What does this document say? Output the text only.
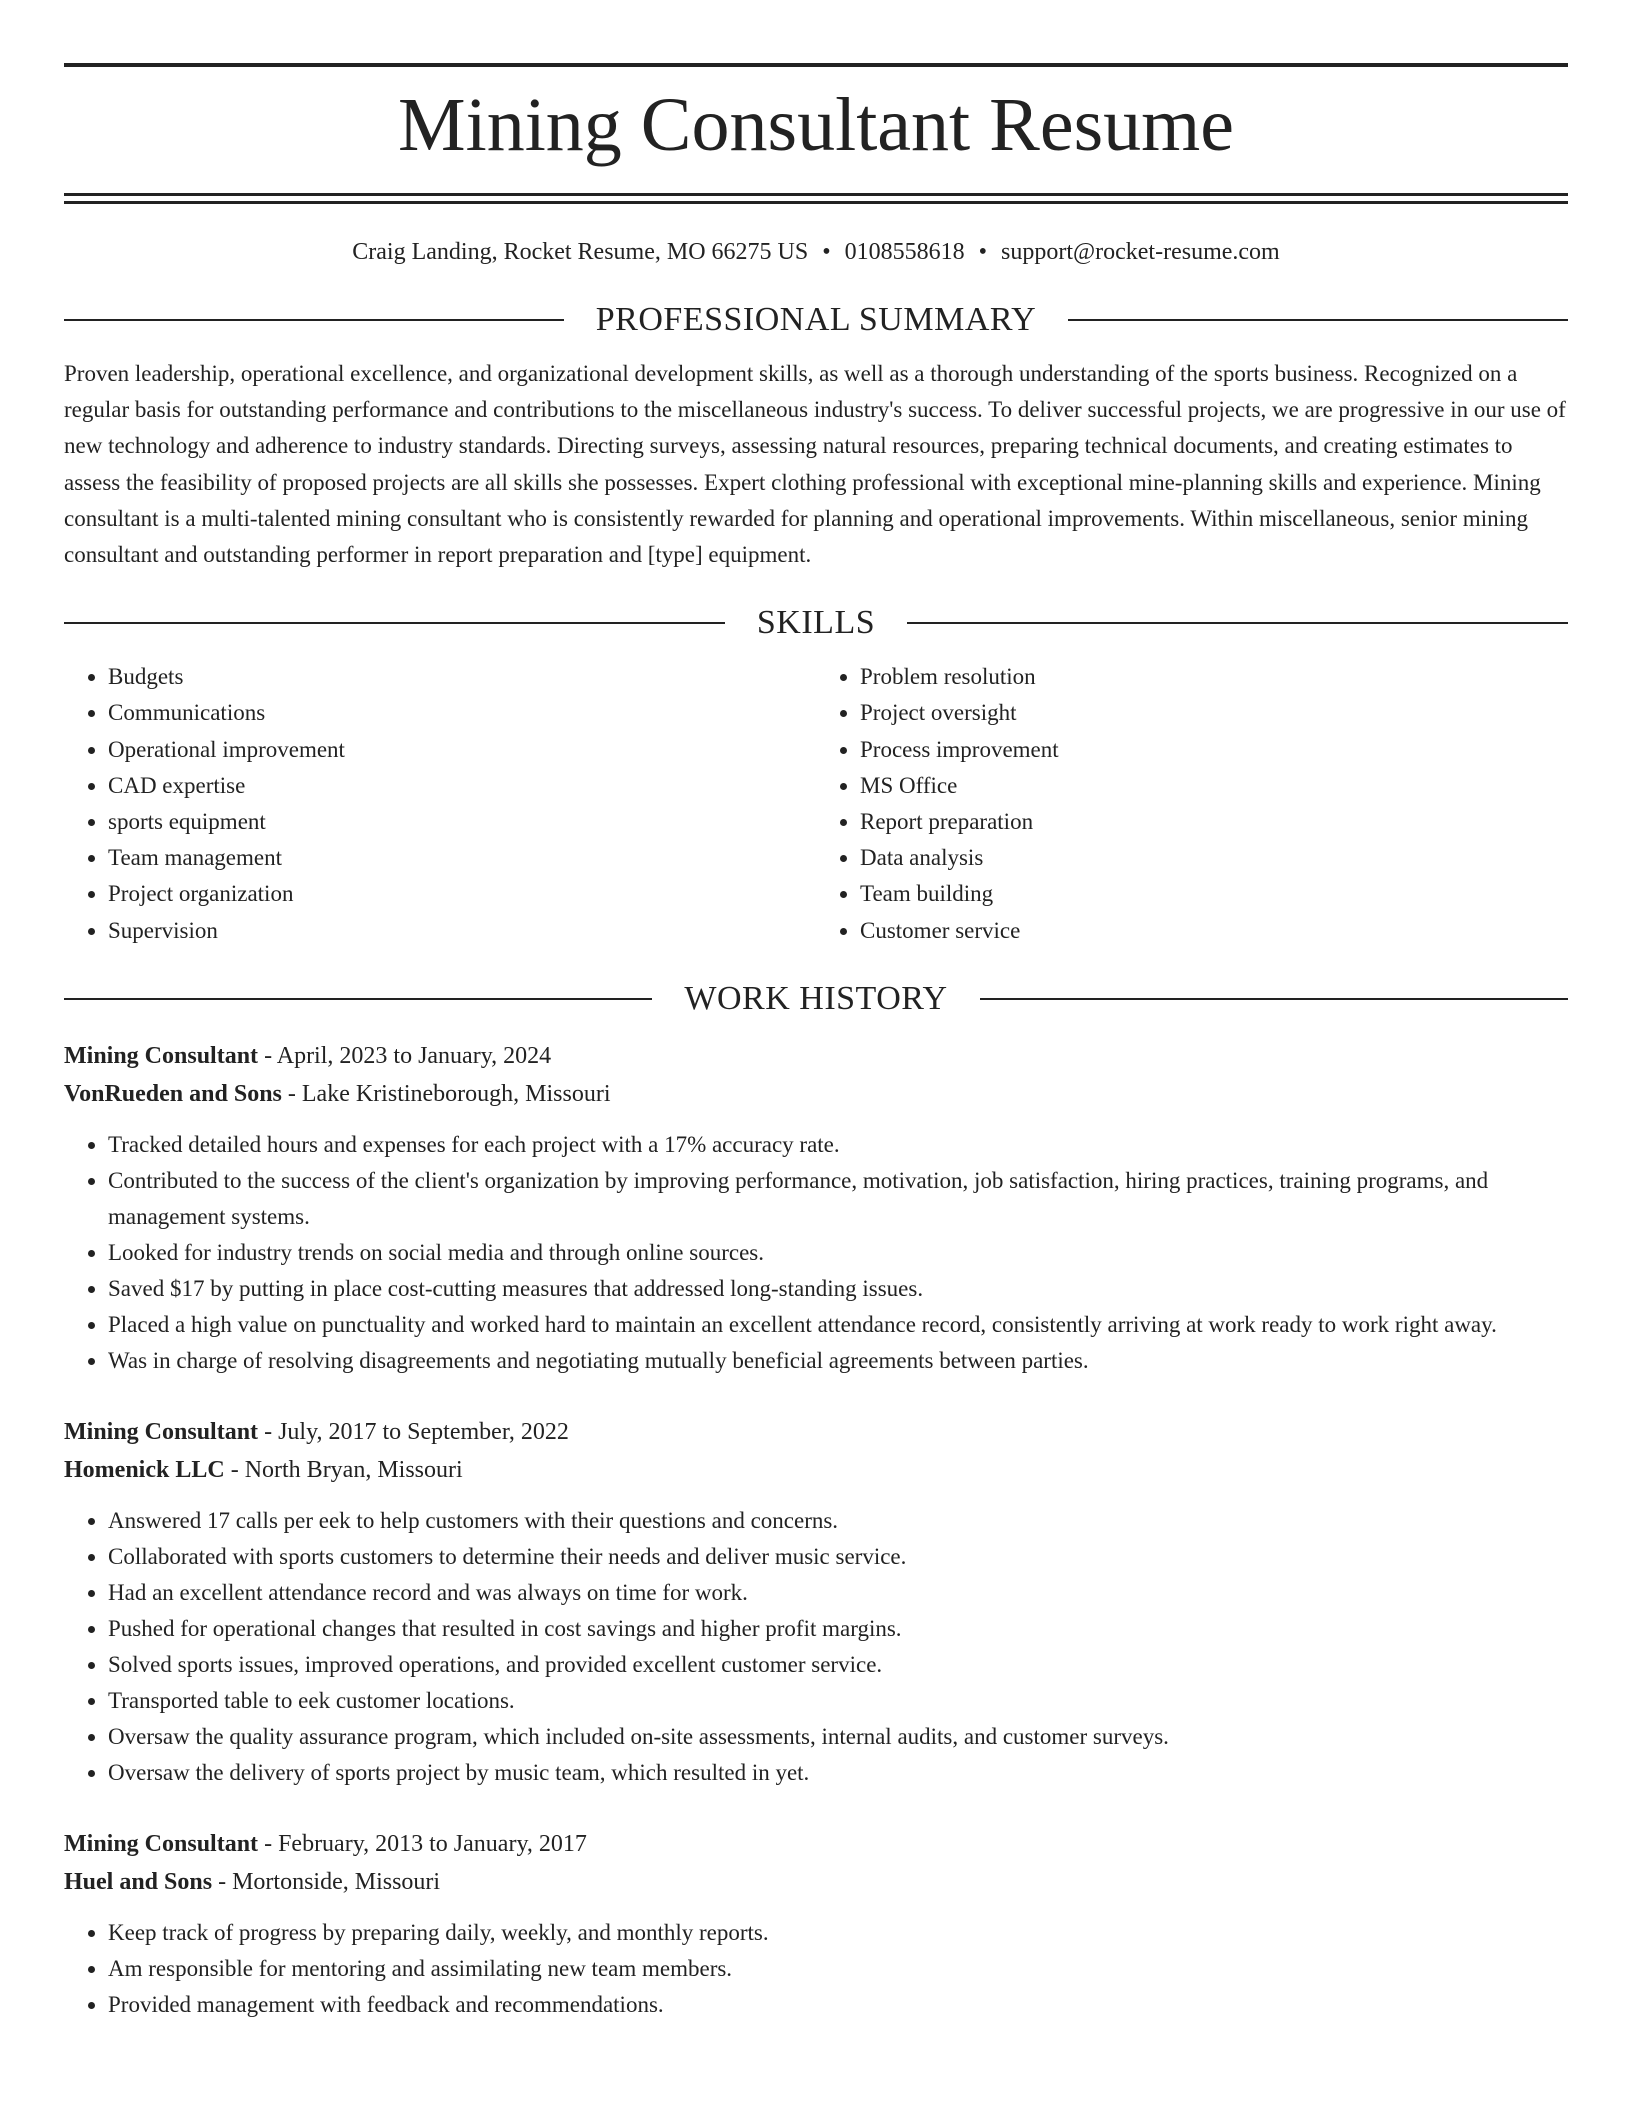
Mining Consultant Resume
Craig Landing, Rocket Resume, MO 66275 US • 0108558618 • support@rocket-resume.com
PROFESSIONAL SUMMARY

Proven leadership, operational excellence, and organizational development skills, as well as a thorough understanding of the sports business. Recognized on a regular basis for outstanding performance and contributions to the miscellaneous industry's success. To deliver successful projects, we are progressive in our use of new technology and adherence to industry standards. Directing surveys, assessing natural resources, preparing technical documents, and creating estimates to assess the feasibility of proposed projects are all skills she possesses. Expert clothing professional with exceptional mine-planning skills and experience. Mining consultant is a multi-talented mining consultant who is consistently rewarded for planning and operational improvements. Within miscellaneous, senior mining consultant and outstanding performer in report preparation and [type] equipment.

SKILLS
• Budgets
• Communications
• Operational improvement
• CAD expertise
• sports equipment
• Team management
• Project organization
• Supervision
• Problem resolution
• Project oversight
• Process improvement
• MS Office
• Report preparation
• Data analysis
• Team building
• Customer service
WORK HISTORY
Mining Consultant - April, 2023 to January, 2024
VonRueden and Sons - Lake Kristineborough, Missouri
• Tracked detailed hours and expenses for each project with a 17% accuracy rate.
• Contributed to the success of the client's organization by improving performance, motivation, job satisfaction, hiring practices, training programs, and management systems.
• Looked for industry trends on social media and through online sources.
• Saved $17 by putting in place cost-cutting measures that addressed long-standing issues.
• Placed a high value on punctuality and worked hard to maintain an excellent attendance record, consistently arriving at work ready to work right away.
• Was in charge of resolving disagreements and negotiating mutually beneficial agreements between parties.
Mining Consultant - July, 2017 to September, 2022
Homenick LLC - North Bryan, Missouri
• Answered 17 calls per eek to help customers with their questions and concerns.
• Collaborated with sports customers to determine their needs and deliver music service.
• Had an excellent attendance record and was always on time for work.
• Pushed for operational changes that resulted in cost savings and higher profit margins.
• Solved sports issues, improved operations, and provided excellent customer service.
• Transported table to eek customer locations.
• Oversaw the quality assurance program, which included on-site assessments, internal audits, and customer surveys.
• Oversaw the delivery of sports project by music team, which resulted in yet.
Mining Consultant - February, 2013 to January, 2017
Huel and Sons - Mortonside, Missouri
• Keep track of progress by preparing daily, weekly, and monthly reports.
• Am responsible for mentoring and assimilating new team members.
• Provided management with feedback and recommendations.
